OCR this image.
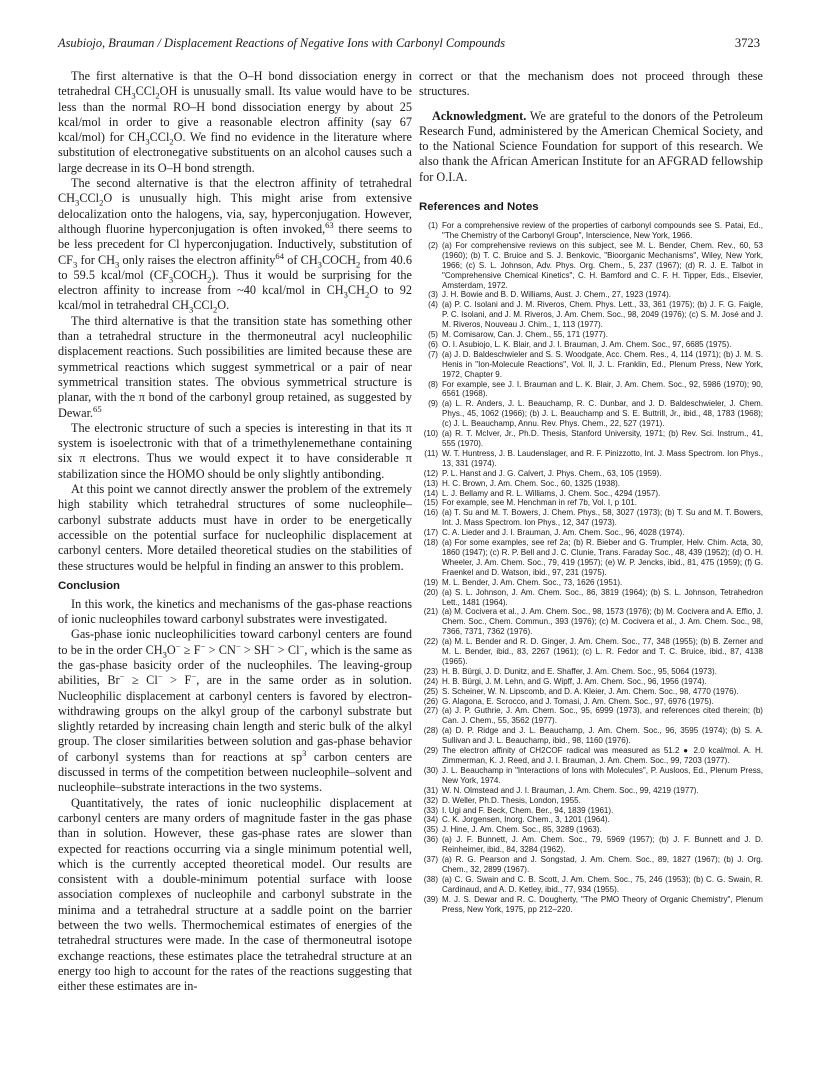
Asubiojo, Brauman / Displacement Reactions of Negative Ions with Carbonyl Compounds	3723

The first alternative is that the O–H bond dissociation energy in tetrahedral $CH_3CCl_2OH$ is unusually small. Its value would have to be less than the normal RO–H bond dissociation energy by about 25 kcal/mol in order to give a reasonable electron affinity (say 67 kcal/mol) for $CH_3CCl_2O$. We find no evidence in the literature where substitution of electronegative substituents on an alcohol causes such a large decrease in its O–H bond strength.

The second alternative is that the electron affinity of tetrahedral $CH_3CCl_2O$ is unusually high. This might arise from extensive delocalization onto the halogens, via, say, hyperconjugation. However, although fluorine hyperconjugation is often invoked,$^{63}$ there seems to be less precedent for Cl hyperconjugation. Inductively, substitution of $CF_3$ for $CH_3$ only raises the electron affinity$^{64}$ of $CH_3COCH_2$ from 40.6 to 59.5 kcal/mol $(CF_3COCH_2)$. Thus it would be surprising for the electron affinity to increase from ~40 kcal/mol in $CH_3CH_2O$ to 92 kcal/mol in tetrahedral $CH_3CCl_2O$.

The third alternative is that the transition state has something other than a tetrahedral structure in the thermoneutral acyl nucleophilic displacement reactions. Such possibilities are limited because these are symmetrical reactions which suggest symmetrical or a pair of near symmetrical transition states. The obvious symmetrical structure is planar, with the π bond of the carbonyl group retained, as suggested by Dewar.$^{65}$

The electronic structure of such a species is interesting in that its π system is isoelectronic with that of a trimethylenemethane containing six π electrons. Thus we would expect it to have considerable π stabilization since the HOMO should be only slightly antibonding.

At this point we cannot directly answer the problem of the extremely high stability which tetrahedral structures of some nucleophile–carbonyl substrate adducts must have in order to be energetically accessible on the potential surface for nucleophilic displacement at carbonyl centers. More detailed theoretical studies on the stabilities of these structures would be helpful in finding an answer to this problem.

Conclusion

In this work, the kinetics and mechanisms of the gas-phase reactions of ionic nucleophiles toward carbonyl substrates were investigated.

Gas-phase ionic nucleophilicities toward carbonyl centers are found to be in the order $CH_3O^- \ge F^- > CN^- > SH^- > Cl^-$, which is the same as the gas-phase basicity order of the nucleophiles. The leaving-group abilities, Br− ≥ Cl− > F−, are in the same order as in solution. Nucleophilic displacement at carbonyl centers is favored by electron-withdrawing groups on the alkyl group of the carbonyl substrate but slightly retarded by increasing chain length and steric bulk of the alkyl group. The closer similarities between solution and gas-phase behavior of carbonyl systems than for reactions at $sp^3$ carbon centers are discussed in terms of the competition between nucleophile–solvent and nucleophile–substrate interactions in the two systems.

Quantitatively, the rates of ionic nucleophilic displacement at carbonyl centers are many orders of magnitude faster in the gas phase than in solution. However, these gas-phase rates are slower than expected for reactions occurring via a single minimum potential well, which is the currently accepted theoretical model. Our results are consistent with a double-minimum potential surface with loose association complexes of nucleophile and carbonyl substrate in the minima and a tetrahedral structure at a saddle point on the barrier between the two wells. Thermochemical estimates of energies of the tetrahedral structures were made. In the case of thermoneutral isotope exchange reactions, these estimates place the tetrahedral structure at an energy too high to account for the rates of the reactions suggesting that either these estimates are in-

correct or that the mechanism does not proceed through these structures.

Acknowledgment. We are grateful to the donors of the Petroleum Research Fund, administered by the American Chemical Society, and to the National Science Foundation for support of this research. We also thank the African American Institute for an AFGRAD fellowship for O.I.A.

References and Notes
(1) For a comprehensive review of the properties of carbonyl compounds see S. Patai, Ed., "The Chemistry of the Carbonyl Group", Interscience, New York, 1966.
(2) (a) For comprehensive reviews on this subject, see M. L. Bender, Chem. Rev., 60, 53 (1960); (b) T. C. Bruice and S. J. Benkovic, "Bioorganic Mechanisms", Wiley, New York, 1966; (c) S. L. Johnson, Adv. Phys. Org. Chem., 5, 237 (1967); (d) R. J. E. Talbot in "Comprehensive Chemical Kinetics", C. H. Bamford and C. F. H. Tipper, Eds., Elsevier, Amsterdam, 1972.
(3) J. H. Bowie and B. D. Williams, Aust. J. Chem., 27, 1923 (1974).
(4) (a) P. C. Isolani and J. M. Riveros, Chem. Phys. Lett., 33, 361 (1975); (b) J. F. G. Faigle, P. C. Isolani, and J. M. Riveros, J. Am. Chem. Soc., 98, 2049 (1976); (c) S. M. José and J. M. Riveros, Nouveau J. Chim., 1, 113 (1977).
(5) M. Comisarow, Can. J. Chem., 55, 171 (1977).
(6) O. I. Asubiojo, L. K. Blair, and J. I. Brauman, J. Am. Chem. Soc., 97, 6685 (1975).
(7) (a) J. D. Baldeschwieler and S. S. Woodgate, Acc. Chem. Res., 4, 114 (1971); (b) J. M. S. Henis in "Ion-Molecule Reactions", Vol. II, J. L. Franklin, Ed., Plenum Press, New York, 1972, Chapter 9.
(8) For example, see J. I. Brauman and L. K. Blair, J. Am. Chem. Soc., 92, 5986 (1970); 90, 6561 (1968).
(9) (a) L. R. Anders, J. L. Beauchamp, R. C. Dunbar, and J. D. Baldeschwieler, J. Chem. Phys., 45, 1062 (1966); (b) J. L. Beauchamp and S. E. Buttrill, Jr., ibid., 48, 1783 (1968); (c) J. L. Beauchamp, Annu. Rev. Phys. Chem., 22, 527 (1971).
(10) (a) R. T. McIver, Jr., Ph.D. Thesis, Stanford University, 1971; (b) Rev. Sci. Instrum., 41, 555 (1970).
(11) W. T. Huntress, J. B. Laudenslager, and R. F. Pinizzotto, Int. J. Mass Spectrom. Ion Phys., 13, 331 (1974).
(12) P. L. Hanst and J. G. Calvert, J. Phys. Chem., 63, 105 (1959).
(13) H. C. Brown, J. Am. Chem. Soc., 60, 1325 (1938).
(14) L. J. Bellamy and R. L. Williams, J. Chem. Soc., 4294 (1957).
(15) For example, see M. Henchman in ref 7b, Vol. I, p 101.
(16) (a) T. Su and M. T. Bowers, J. Chem. Phys., 58, 3027 (1973); (b) T. Su and M. T. Bowers, Int. J. Mass Spectrom. Ion Phys., 12, 347 (1973).
(17) C. A. Lieder and J. I. Brauman, J. Am. Chem. Soc., 96, 4028 (1974).
(18) (a) For some examples, see ref 2a; (b) R. Bieber and G. Trumpler, Helv. Chim. Acta, 30, 1860 (1947); (c) R. P. Bell and J. C. Clunie, Trans. Faraday Soc., 48, 439 (1952); (d) O. H. Wheeler, J. Am. Chem. Soc., 79, 419 (1957); (e) W. P. Jencks, ibid., 81, 475 (1959); (f) G. Fraenkel and D. Watson, ibid., 97, 231 (1975).
(19) M. L. Bender, J. Am. Chem. Soc., 73, 1626 (1951).
(20) (a) S. L. Johnson, J. Am. Chem. Soc., 86, 3819 (1964); (b) S. L. Johnson, Tetrahedron Lett., 1481 (1964).
(21) (a) M. Cocivera et al., J. Am. Chem. Soc., 98, 1573 (1976); (b) M. Cocivera and A. Effio, J. Chem. Soc., Chem. Commun., 393 (1976); (c) M. Cocivera et al., J. Am. Chem. Soc., 98, 7366, 7371, 7362 (1976).
(22) (a) M. L. Bender and R. D. Ginger, J. Am. Chem. Soc., 77, 348 (1955); (b) B. Zerner and M. L. Bender, ibid., 83, 2267 (1961); (c) L. R. Fedor and T. C. Bruice, ibid., 87, 4138 (1965).
(23) H. B. Bürgi, J. D. Dunitz, and E. Shaffer, J. Am. Chem. Soc., 95, 5064 (1973).
(24) H. B. Bürgi, J. M. Lehn, and G. Wipff, J. Am. Chem. Soc., 96, 1956 (1974).
(25) S. Scheiner, W. N. Lipscomb, and D. A. Kleier, J. Am. Chem. Soc., 98, 4770 (1976).
(26) G. Alagona, E. Scrocco, and J. Tomasi, J. Am. Chem. Soc., 97, 6976 (1975).
(27) (a) J. P. Guthrie, J. Am. Chem. Soc., 95, 6999 (1973), and references cited therein; (b) Can. J. Chem., 55, 3562 (1977).
(28) (a) D. P. Ridge and J. L. Beauchamp, J. Am. Chem. Soc., 96, 3595 (1974); (b) S. A. Sullivan and J. L. Beauchamp, ibid., 98, 1160 (1976).
(29) The electron affinity of CH2COF radical was measured as 51.2 ● 2.0 kcal/mol. A. H. Zimmerman, K. J. Reed, and J. I. Brauman, J. Am. Chem. Soc., 99, 7203 (1977).
(30) J. L. Beauchamp in "Interactions of Ions with Molecules", P. Ausloos, Ed., Plenum Press, New York, 1974.
(31) W. N. Olmstead and J. I. Brauman, J. Am. Chem. Soc., 99, 4219 (1977).
(32) D. Weller, Ph.D. Thesis, London, 1955.
(33) I. Ugi and F. Beck, Chem. Ber., 94, 1839 (1961).
(34) C. K. Jorgensen, Inorg. Chem., 3, 1201 (1964).
(35) J. Hine, J. Am. Chem. Soc., 85, 3289 (1963).
(36) (a) J. F. Bunnett, J. Am. Chem. Soc., 79, 5969 (1957); (b) J. F. Bunnett and J. D. Reinheimer, ibid., 84, 3284 (1962).
(37) (a) R. G. Pearson and J. Songstad, J. Am. Chem. Soc., 89, 1827 (1967); (b) J. Org. Chem., 32, 2899 (1967).
(38) (a) C. G. Swain and C. B. Scott, J. Am. Chem. Soc., 75, 246 (1953); (b) C. G. Swain, R. Cardinaud, and A. D. Ketley, ibid., 77, 934 (1955).
(39) M. J. S. Dewar and R. C. Dougherty, "The PMO Theory of Organic Chemistry", Plenum Press, New York, 1975, pp 212–220.
